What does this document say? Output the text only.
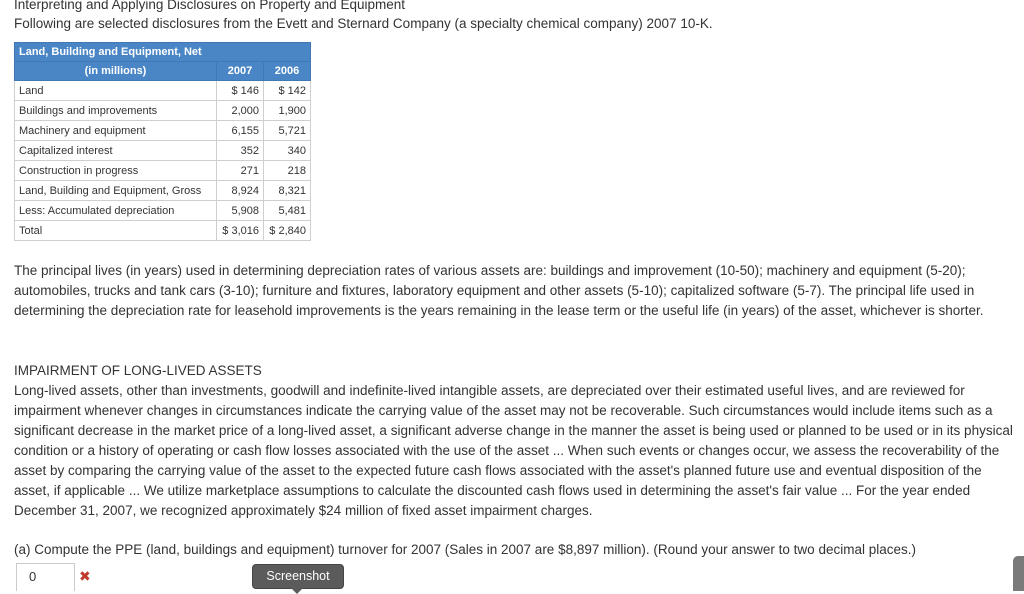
Interpreting and Applying Disclosures on Property and Equipment
Following are selected disclosures from the Evett and Sternard Company (a specialty chemical company) 2007 10-K.
Land, Building and Equipment, Net		
(in millions)	2007	2006
Land	$ 146	$ 142
Buildings and improvements	2,000	1,900
Machinery and equipment	6,155	5,721
Capitalized interest	352	340
Construction in progress	271	218
Land, Building and Equipment, Gross	8,924	8,321
Less: Accumulated depreciation	5,908	5,481
Total	$ 3,016	$ 2,840

The principal lives (in years) used in determining depreciation rates of various assets are: buildings and improvement (10-50); machinery and equipment (5-20); automobiles, trucks and tank cars (3-10); furniture and fixtures, laboratory equipment and other assets (5-10); capitalized software (5-7). The principal life used in determining the depreciation rate for leasehold improvements is the years remaining in the lease term or the useful life (in years) of the asset, whichever is shorter.

IMPAIRMENT OF LONG-LIVED ASSETS

Long-lived assets, other than investments, goodwill and indefinite-lived intangible assets, are depreciated over their estimated useful lives, and are reviewed for impairment whenever changes in circumstances indicate the carrying value of the asset may not be recoverable. Such circumstances would include items such as a significant decrease in the market price of a long-lived asset, a significant adverse change in the manner the asset is being used or planned to be used or in its physical condition or a history of operating or cash flow losses associated with the use of the asset ... When such events or changes occur, we assess the recoverability of the asset by comparing the carrying value of the asset to the expected future cash flows associated with the asset's planned future use and eventual disposition of the asset, if applicable ... We utilize marketplace assumptions to calculate the discounted cash flows used in determining the asset's fair value ... For the year ended December 31, 2007, we recognized approximately $24 million of fixed asset impairment charges.

(a) Compute the PPE (land, buildings and equipment) turnover for 2007 (Sales in 2007 are $8,897 million). (Round your answer to two decimal places.)

0	✖	Screenshot
